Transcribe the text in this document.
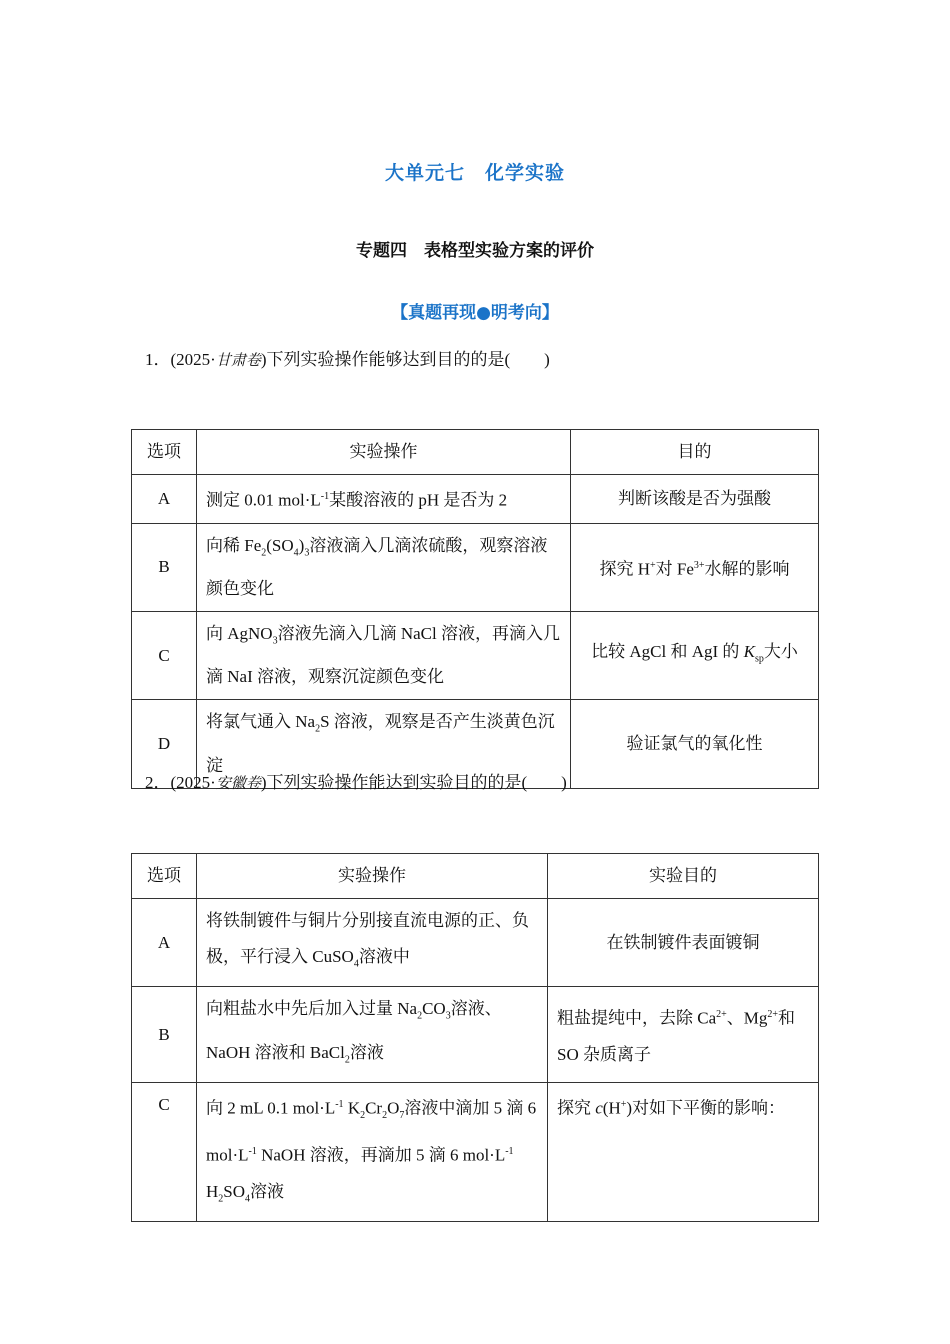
大单元七　化学实验
专题四　表格型实验方案的评价
【真题再现●明考向】
1．(2025·甘肃卷)下列实验操作能够达到目的的是(　　)
选项	实验操作	目的
A	测定 0.01 $mol\cdot L^{-1}$某酸溶液的 pH 是否为 2	判断该酸是否为强酸
B	向稀 $Fe_2(SO_4)_3$溶液滴入几滴浓硫酸，观察溶液颜色变化	探究 H+对 $Fe^{3+}$水解的影响
C	向 AgNO$_3$溶液先滴入几滴 NaCl 溶液，再滴入几滴 NaI 溶液，观察沉淀颜色变化	比较 AgCl 和 AgI 的 $K_{sp}$大小
D	将氯气通入 $Na_2S$ 溶液，观察是否产生淡黄色沉淀	验证氯气的氧化性
2．(2025·安徽卷)下列实验操作能达到实验目的的是(　　)
选项	实验操作	实验目的
A	将铁制镀件与铜片分别接直流电源的正、负极，平行浸入 CuSO$_4$溶液中	在铁制镀件表面镀铜
B	向粗盐水中先后加入过量 $Na_2CO_3$溶液、NaOH 溶液和 BaCl$_2$溶液	粗盐提纯中，去除 $Ca^{2+}$、$Mg^{2+}$和 SO 杂质离子
C	向 2 mL 0.1 $mol\cdot L^{-1}$ $K_2Cr_2O_7$溶液中滴加 5 滴 6 $mol\cdot L^{-1}$ NaOH 溶液，再滴加 5 滴 6 $mol\cdot L^{-1}$ $H_2SO_4$溶液	探究 c(H+)对如下平衡的影响：
